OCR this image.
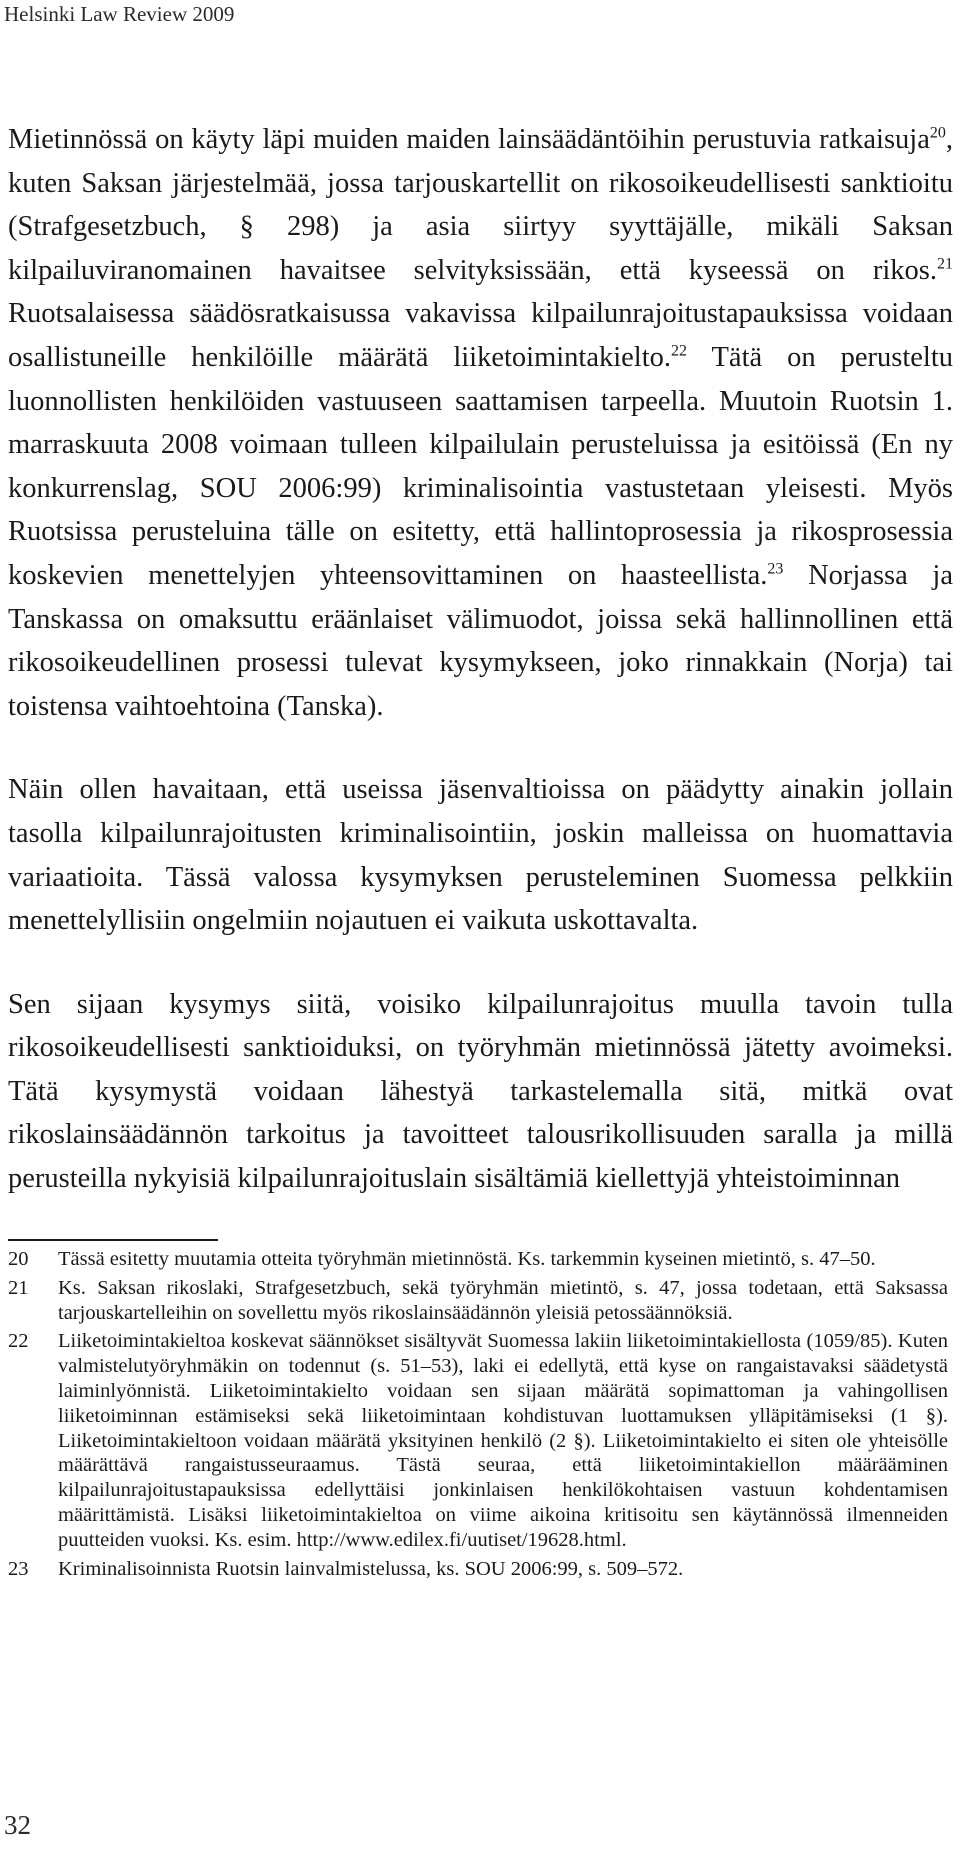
Helsinki Law Review 2009

Mietinnössä on käyty läpi muiden maiden lainsäädäntöihin perustuvia ratkaisuja$^{20}$, kuten Saksan järjestelmää, jossa tarjouskartellit on rikosoikeudellisesti sanktioitu (Strafgesetzbuch, § 298) ja asia siirtyy syyttäjälle, mikäli Saksan kilpailuviranomainen havaitsee selvityksissään, että kyseessä on rikos.$^{21}$ Ruotsalaisessa säädösratkaisussa vakavissa kilpailunrajoitustapauksissa voidaan osallistuneille henkilöille määrätä liiketoimintakielto.$^{22}$ Tätä on perusteltu luonnollisten henkilöiden vastuuseen saattamisen tarpeella. Muutoin Ruotsin 1. marraskuuta 2008 voimaan tulleen kilpailulain perusteluissa ja esitöissä (En ny konkurrenslag, SOU 2006:99) kriminalisointia vastustetaan yleisesti. Myös Ruotsissa perusteluina tälle on esitetty, että hallintoprosessia ja rikosprosessia koskevien menettelyjen yhteensovittaminen on haasteellista.$^{23}$ Norjassa ja Tanskassa on omaksuttu eräänlaiset välimuodot, joissa sekä hallinnollinen että rikosoikeudellinen prosessi tulevat kysymykseen, joko rinnakkain (Norja) tai toistensa vaihtoehtoina (Tanska).

Näin ollen havaitaan, että useissa jäsenvaltioissa on päädytty ainakin jollain tasolla kilpailunrajoitusten kriminalisointiin, joskin malleissa on huomattavia variaatioita. Tässä valossa kysymyksen perusteleminen Suomessa pelkkiin menettelyllisiin ongelmiin nojautuen ei vaikuta uskottavalta.

Sen sijaan kysymys siitä, voisiko kilpailunrajoitus muulla tavoin tulla rikosoikeudellisesti sanktioiduksi, on työryhmän mietinnössä jätetty avoimeksi. Tätä kysymystä voidaan lähestyä tarkastelemalla sitä, mitkä ovat rikoslainsäädännön tarkoitus ja tavoitteet talousrikollisuuden saralla ja millä perusteilla nykyisiä kilpailunrajoituslain sisältämiä kiellettyjä yhteistoiminnan

20	Tässä esitetty muutamia otteita työryhmän mietinnöstä. Ks. tarkemmin kyseinen mietintö, s. 47–50.
21	Ks. Saksan rikoslaki, Strafgesetzbuch, sekä työryhmän mietintö, s. 47, jossa todetaan, että Saksassa tarjouskartelleihin on sovellettu myös rikoslainsäädännön yleisiä petossäännöksiä.
22	Liiketoimintakieltoa koskevat säännökset sisältyvät Suomessa lakiin liiketoimintakiellosta (1059/85). Kuten valmistelutyöryhmäkin on todennut (s. 51–53), laki ei edellytä, että kyse on rangaistavaksi säädetystä laiminlyönnistä. Liiketoimintakielto voidaan sen sijaan määrätä sopimattoman ja vahingollisen liiketoiminnan estämiseksi sekä liiketoimintaan kohdistuvan luottamuksen ylläpitämiseksi (1 §). Liiketoimintakieltoon voidaan määrätä yksityinen henkilö (2 §). Liiketoimintakielto ei siten ole yhteisölle määrättävä rangaistusseuraamus. Tästä seuraa, että liiketoimintakiellon määrääminen kilpailunrajoitustapauksissa edellyttäisi jonkinlaisen henkilökohtaisen vastuun kohdentamisen määrittämistä. Lisäksi liiketoimintakieltoa on viime aikoina kritisoitu sen käytännössä ilmenneiden puutteiden vuoksi. Ks. esim. http://www.edilex.fi/uutiset/19628.html.
23	Kriminalisoinnista Ruotsin lainvalmistelussa, ks. SOU 2006:99, s. 509–572.

32
